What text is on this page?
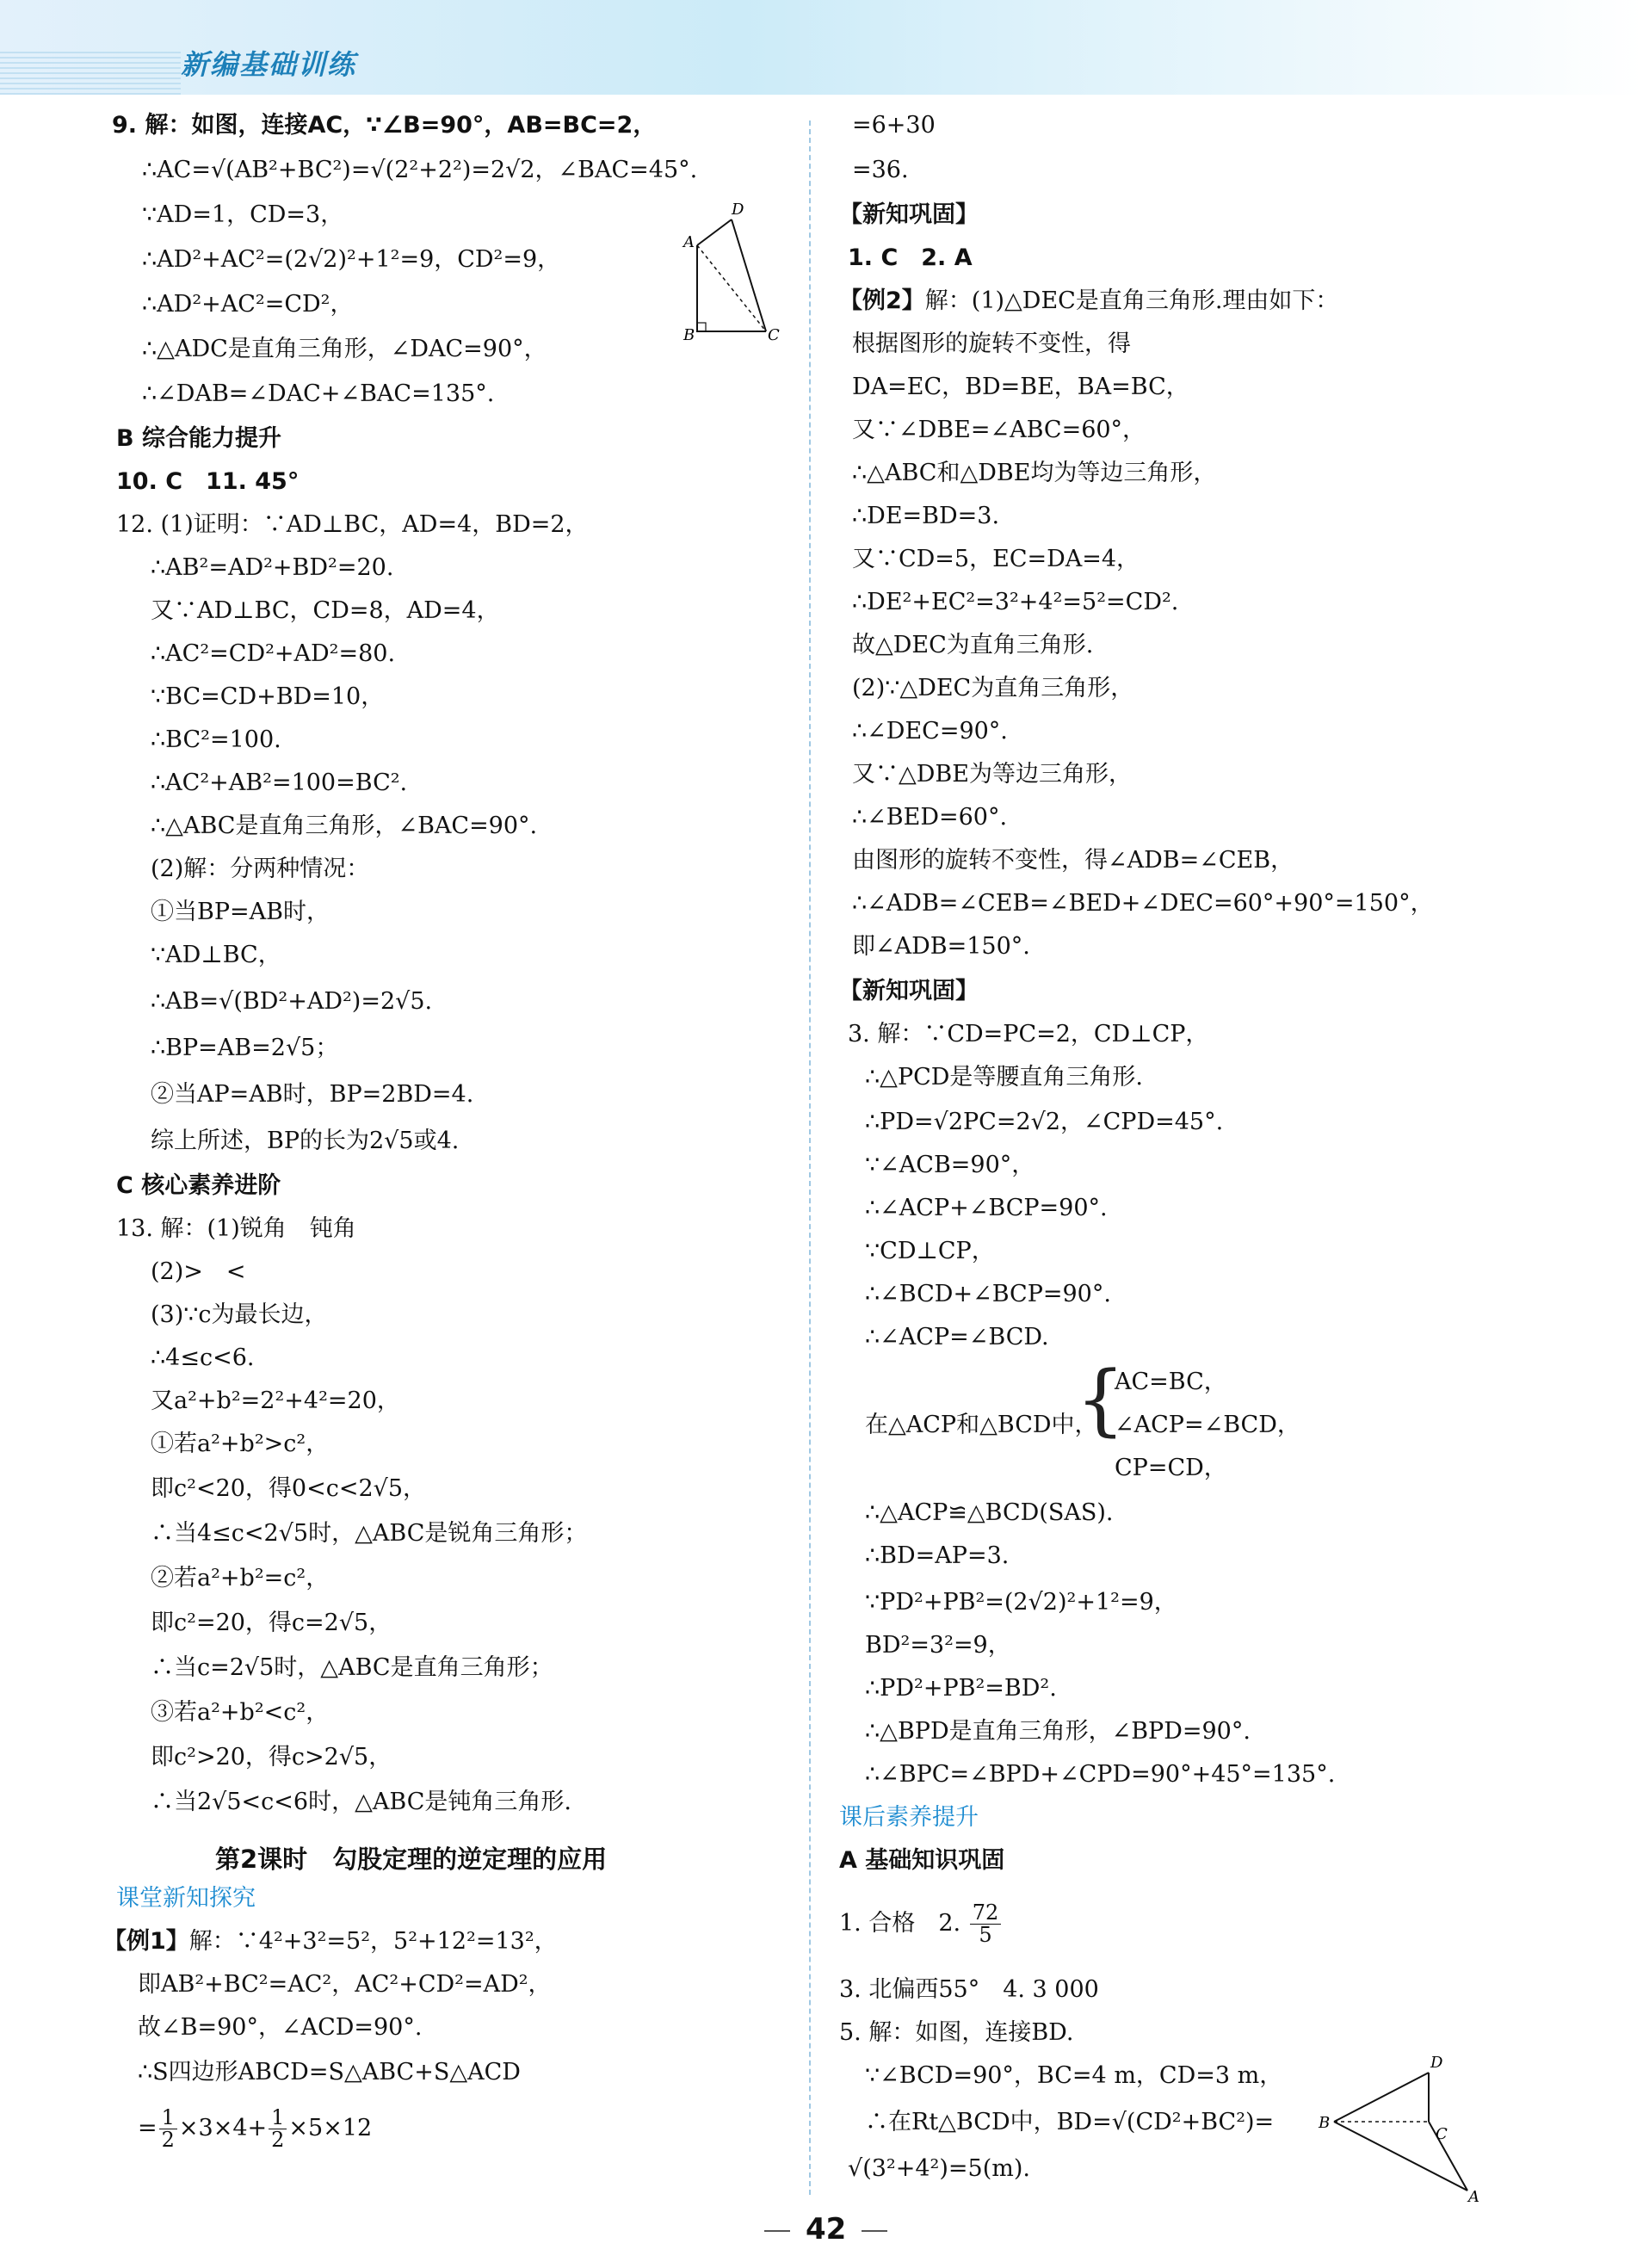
新编基础训练
9. 解：如图，连接AC，∵∠B=90°，AB=BC=2，
∴AC=√(AB²+BC²)=√(2²+2²)=2√2，∠BAC=45°.
∵AD=1，CD=3，
∴AD²+AC²=(2√2)²+1²=9，CD²=9，
∴AD²+AC²=CD²，
∴△ADC是直角三角形，∠DAC=90°，
∴∠DAB=∠DAC+∠BAC=135°.
D
A
B	C
B 综合能力提升
10. C　11. 45°
12. (1)证明：∵AD⊥BC，AD=4，BD=2，
∴AB²=AD²+BD²=20.
又∵AD⊥BC，CD=8，AD=4，
∴AC²=CD²+AD²=80.
∵BC=CD+BD=10，
∴BC²=100.
∴AC²+AB²=100=BC².
∴△ABC是直角三角形，∠BAC=90°.
(2)解：分两种情况：
①当BP=AB时，
∵AD⊥BC，
∴AB=√(BD²+AD²)=2√5.
∴BP=AB=2√5；
②当AP=AB时，BP=2BD=4.
综上所述，BP的长为2√5或4.
C 核心素养进阶
13. 解：(1)锐角　钝角
(2)>　<
(3)∵c为最长边，
∴4≤c<6.
又a²+b²=2²+4²=20，
①若a²+b²>c²，
即c²<20，得0<c<2√5，
∴当4≤c<2√5时，△ABC是锐角三角形；
②若a²+b²=c²，
即c²=20，得c=2√5，
∴当c=2√5时，△ABC是直角三角形；
③若a²+b²<c²，
即c²>20，得c>2√5，
∴当2√5<c<6时，△ABC是钝角三角形.
第2课时　勾股定理的逆定理的应用
课堂新知探究
【例1】解：∵4²+3²=5²，5²+12²=13²，
即AB²+BC²=AC²，AC²+CD²=AD²，
故∠B=90°，∠ACD=90°.
∴S四边形ABCD=S△ABC+S△ACD
= $\frac{1}{2} \times 3\times 4+ \frac{1}{2} \times 5\times 12$
=6+30
=36.
【新知巩固】
1. C　2. A
【例2】解：(1)△DEC是直角三角形.理由如下：
根据图形的旋转不变性，得
DA=EC，BD=BE，BA=BC，
又∵∠DBE=∠ABC=60°，
∴△ABC和△DBE均为等边三角形，
∴DE=BD=3.
又∵CD=5，EC=DA=4，
∴DE²+EC²=3²+4²=5²=CD².
故△DEC为直角三角形.
(2)∵△DEC为直角三角形，
∴∠DEC=90°.
又∵△DBE为等边三角形，
∴∠BED=60°.
由图形的旋转不变性，得∠ADB=∠CEB，
∴∠ADB=∠CEB=∠BED+∠DEC=60°+90°=150°，
即∠ADB=150°.
【新知巩固】
3. 解：∵CD=PC=2，CD⊥CP，
∴△PCD是等腰直角三角形.
∴PD=√2PC=2√2，∠CPD=45°.
∵∠ACB=90°，
∴∠ACP+∠BCP=90°.
∵CD⊥CP，
∴∠BCD+∠BCP=90°.
∴∠ACP=∠BCD.
在△ACP和△BCD中，
{
AC=BC，
∠ACP=∠BCD，
CP=CD，
∴△ACP≌△BCD(SAS).
∴BD=AP=3.
∵PD²+PB²=(2√2)²+1²=9，
BD²=3²=9，
∴PD²+PB²=BD².
∴△BPD是直角三角形，∠BPD=90°.
∴∠BPC=∠BPD+∠CPD=90°+45°=135°.
课后素养提升
A 基础知识巩固
1. 合格　2. $\frac{72}{5}$
3. 北偏西55°　4. 3 000
5. 解：如图，连接BD.
∵∠BCD=90°，BC=4 m，CD=3 m，
∴在Rt△BCD中，BD=√(CD²+BC²)=
√(3²+4²)=5(m).
D
B
C
A
42
